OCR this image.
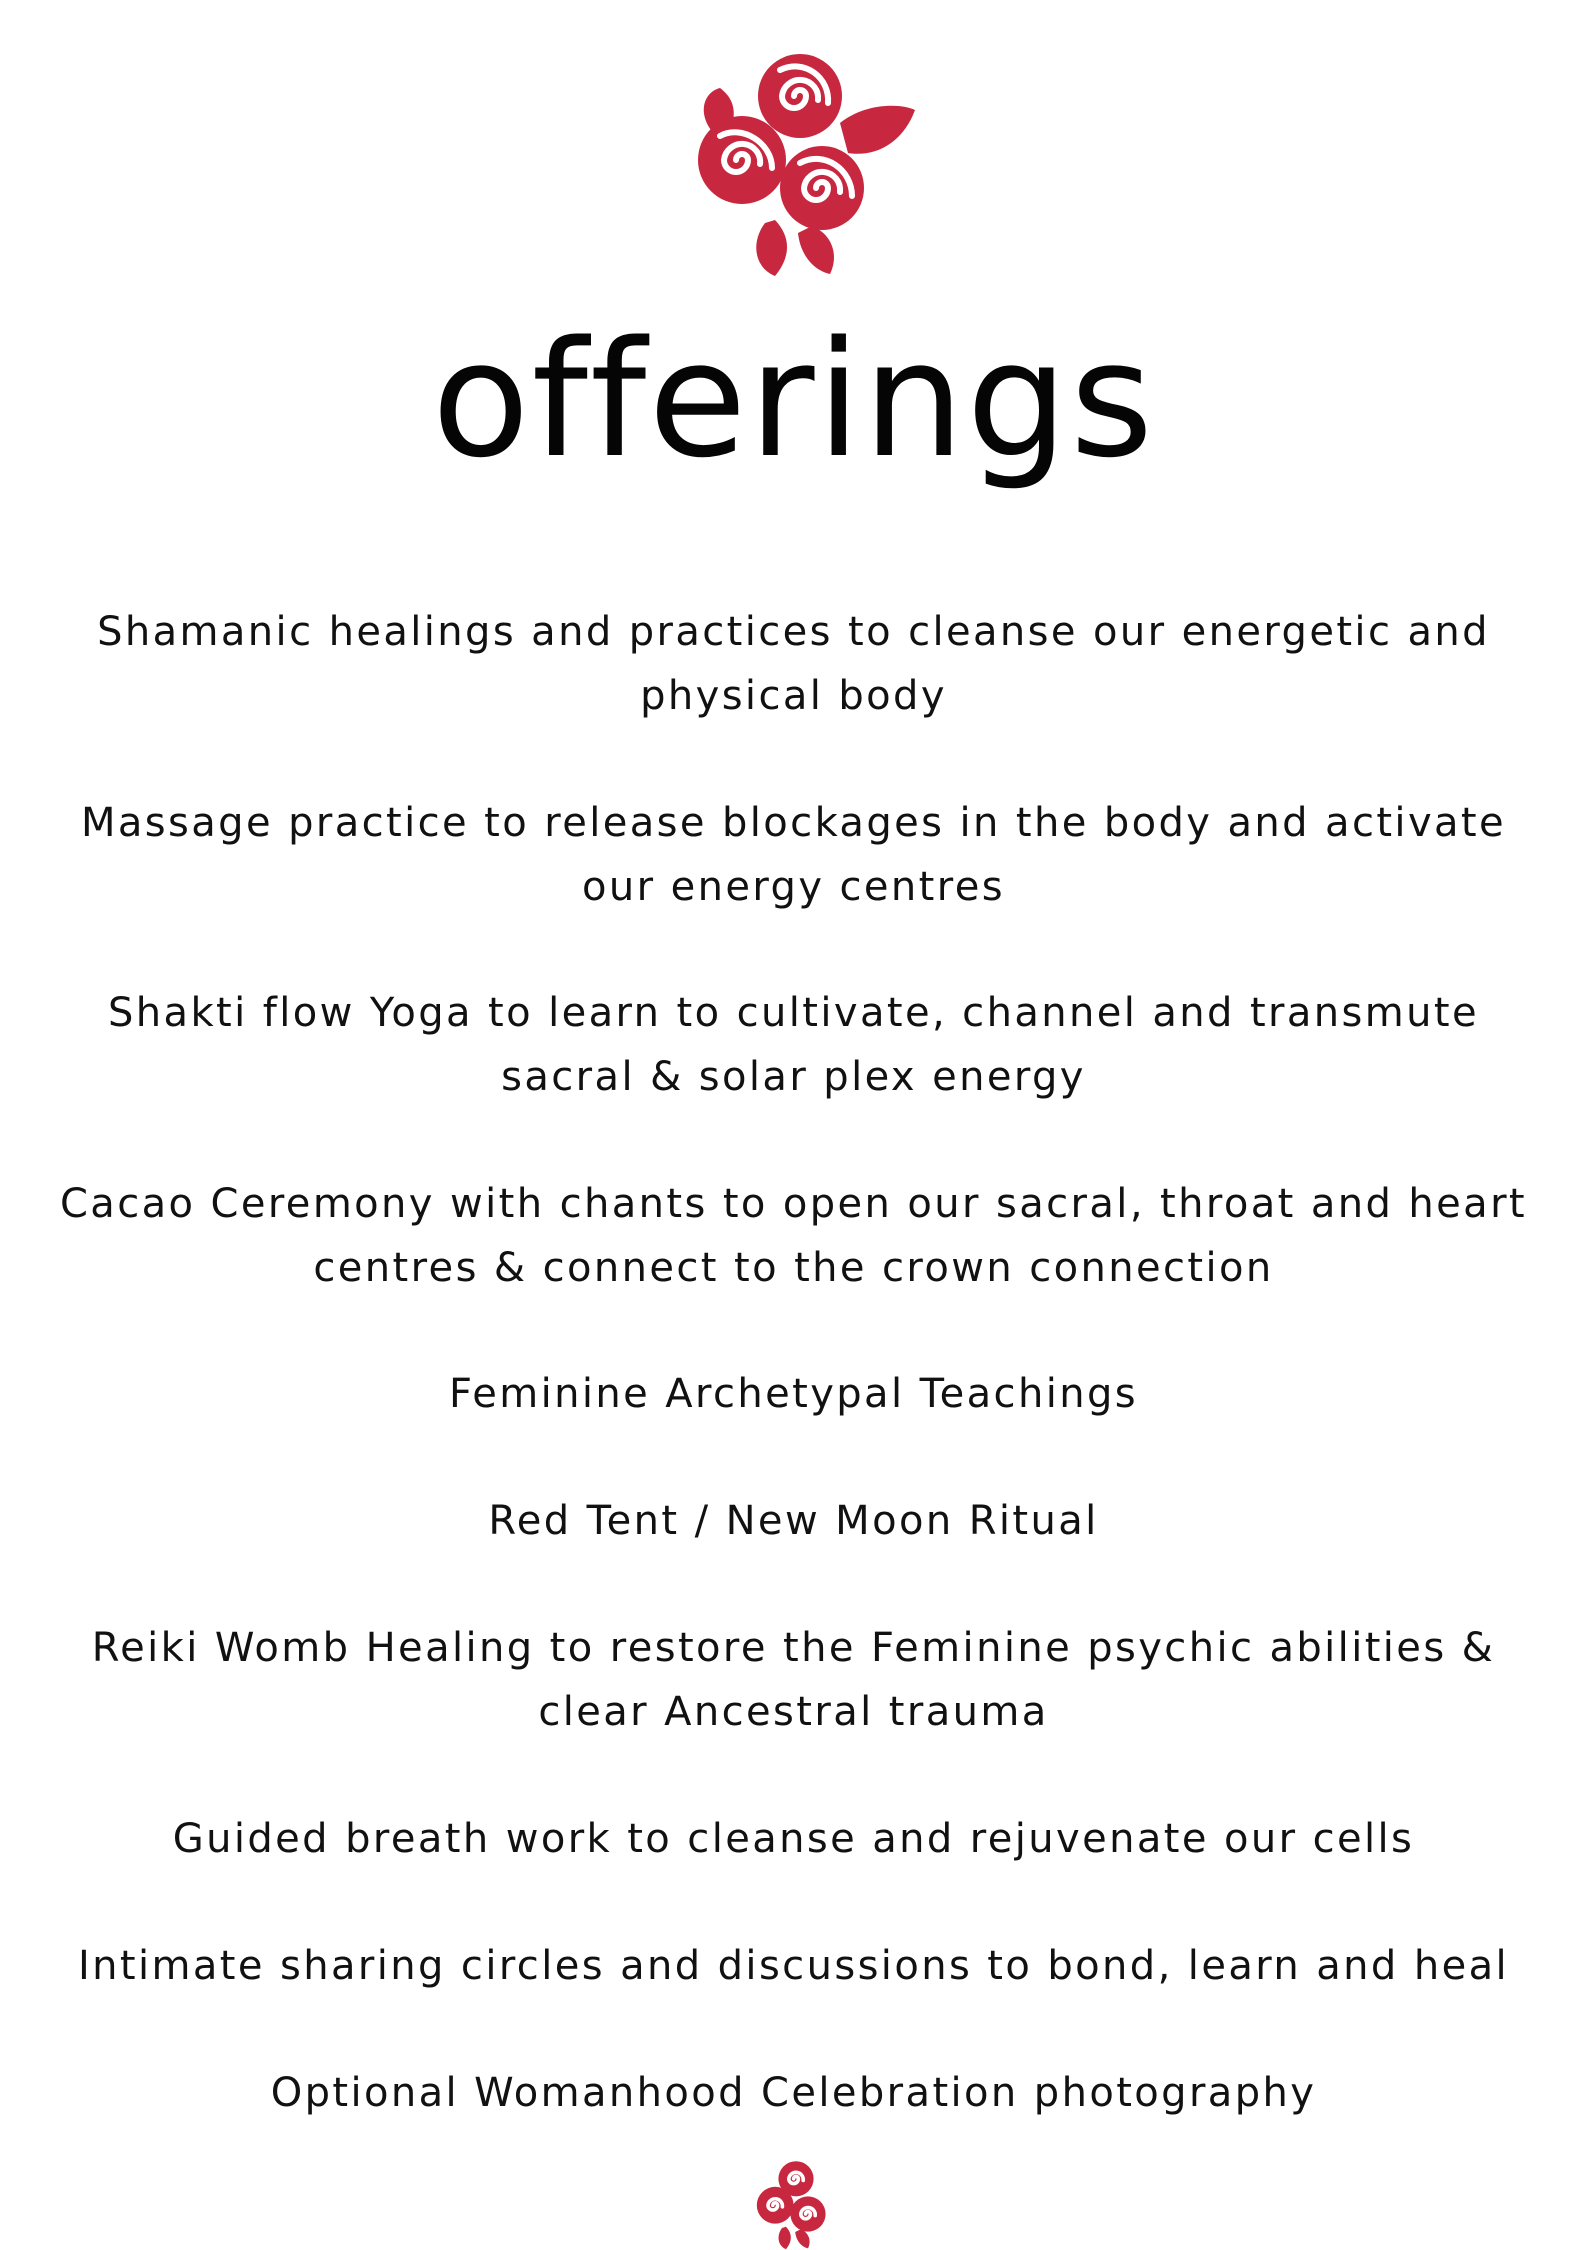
offerings

Shamanic healings and practices to cleanse our energetic and
physical body

Massage practice to release blockages in the body and activate
our energy centres

Shakti flow Yoga to learn to cultivate, channel and transmute
sacral & solar plex energy

Cacao Ceremony with chants to open our sacral, throat and heart
centres & connect to the crown connection

Feminine Archetypal Teachings

Red Tent / New Moon Ritual

Reiki Womb Healing to restore the Feminine psychic abilities &
clear Ancestral trauma

Guided breath work to cleanse and rejuvenate our cells

Intimate sharing circles and discussions to bond, learn and heal

Optional Womanhood Celebration photography
